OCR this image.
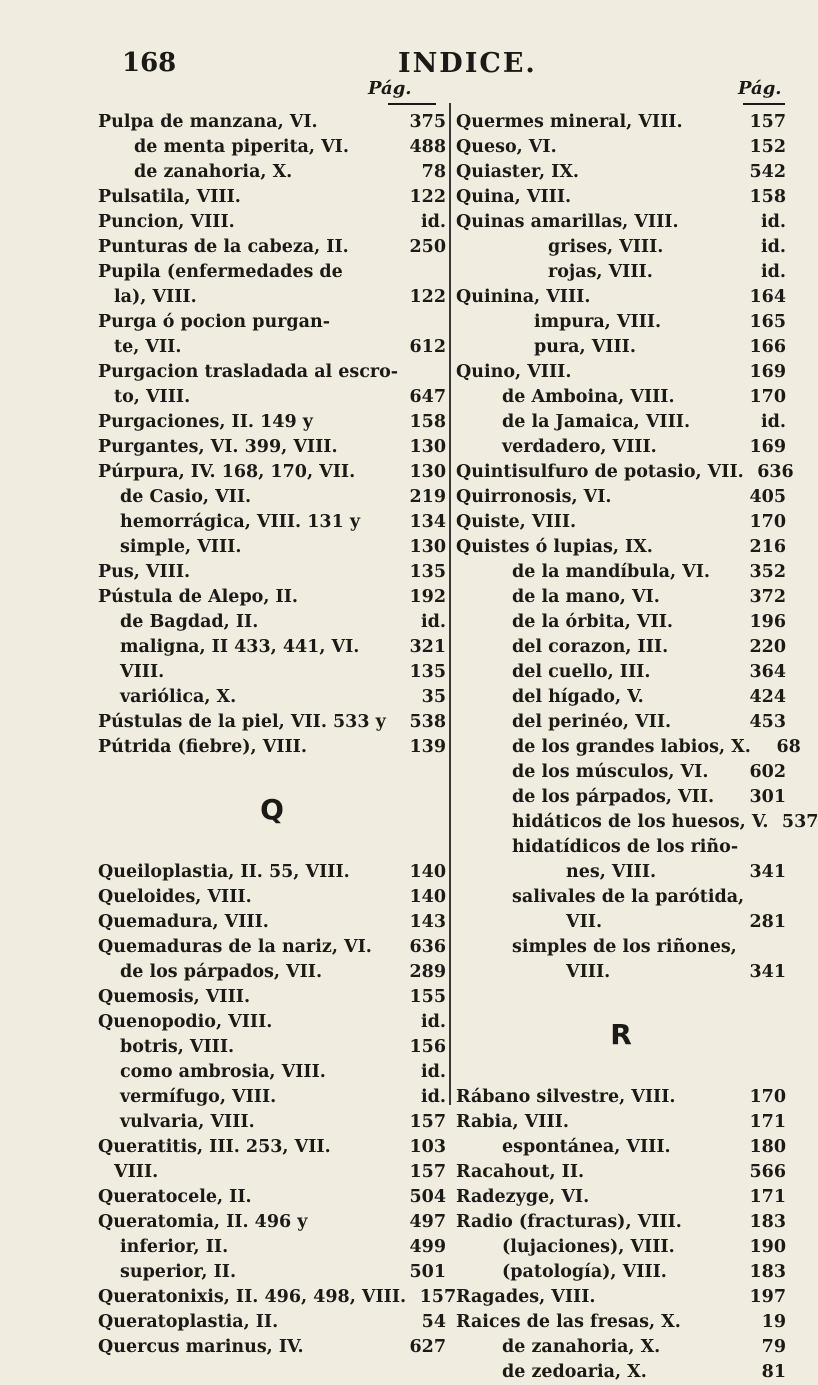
168	INDICE.
Pág.	Pág.
Pulpa de manzana, VI.	375
de menta piperita, VI.	488
de zanahoria, X.	78
Pulsatila, VIII.	122
Puncion, VIII.	id.
Punturas de la cabeza, II.	250
Pupila (enfermedades de
la), VIII.	122
Purga ó pocion purgan-
te, VII.	612
Purgacion trasladada al escro-
to, VIII.	647
Purgaciones, II. 149 y	158
Purgantes, VI. 399, VIII.	130
Púrpura, IV. 168, 170, VII.	130
de Casio, VII.	219
hemorrágica, VIII. 131 y	134
simple, VIII.	130
Pus, VIII.	135
Pústula de Alepo, II.	192
de Bagdad, II.	id.
maligna, II 433, 441, VI.	321
VIII.	135
variólica, X.	35
Pústulas de la piel, VII. 533 y	538
Pútrida (fiebre), VIII.	139
Q
Queiloplastia, II. 55, VIII.	140
Queloides, VIII.	140
Quemadura, VIII.	143
Quemaduras de la nariz, VI.	636
de los párpados, VII.	289
Quemosis, VIII.	155
Quenopodio, VIII.	id.
botris, VIII.	156
como ambrosia, VIII.	id.
vermífugo, VIII.	id.
vulvaria, VIII.	157
Queratitis, III. 253, VII.	103
VIII.	157
Queratocele, II.	504
Queratomia, II. 496 y	497
inferior, II.	499
superior, II.	501
Queratonixis, II. 496, 498, VIII. 157
Queratoplastia, II.	54
Quercus marinus, IV.	627
Quermes mineral, VIII.	157
Queso, VI.	152
Quiaster, IX.	542
Quina, VIII.	158
Quinas amarillas, VIII.	id.
grises, VIII.	id.
rojas, VIII.	id.
Quinina, VIII.	164
impura, VIII.	165
pura, VIII.	166
Quino, VIII.	169
de Amboina, VIII.	170
de la Jamaica, VIII.	id.
verdadero, VIII.	169
Quintisulfuro de potasio, VII. 636
Quirronosis, VI.	405
Quiste, VIII.	170
Quistes ó lupias, IX.	216
de la mandíbula, VI.	352
de la mano, VI.	372
de la órbita, VII.	196
del corazon, III.	220
del cuello, III.	364
del hígado, V.	424
del perinéo, VII.	453
de los grandes labios, X.	68
de los músculos, VI.	602
de los párpados, VII.	301
hidáticos de los huesos, V. 537
hidatídicos de los riño-
nes, VIII.	341
salivales de la parótida,
VII.	281
simples de los riñones,
VIII.	341
R
Rábano silvestre, VIII.	170
Rabia, VIII.	171
espontánea, VIII.	180
Racahout, II.	566
Radezyge, VI.	171
Radio (fracturas), VIII.	183
(lujaciones), VIII.	190
(patología), VIII.	183
Ragades, VIII.	197
Raices de las fresas, X.	19
de zanahoria, X.	79
de zedoaria, X.	81
